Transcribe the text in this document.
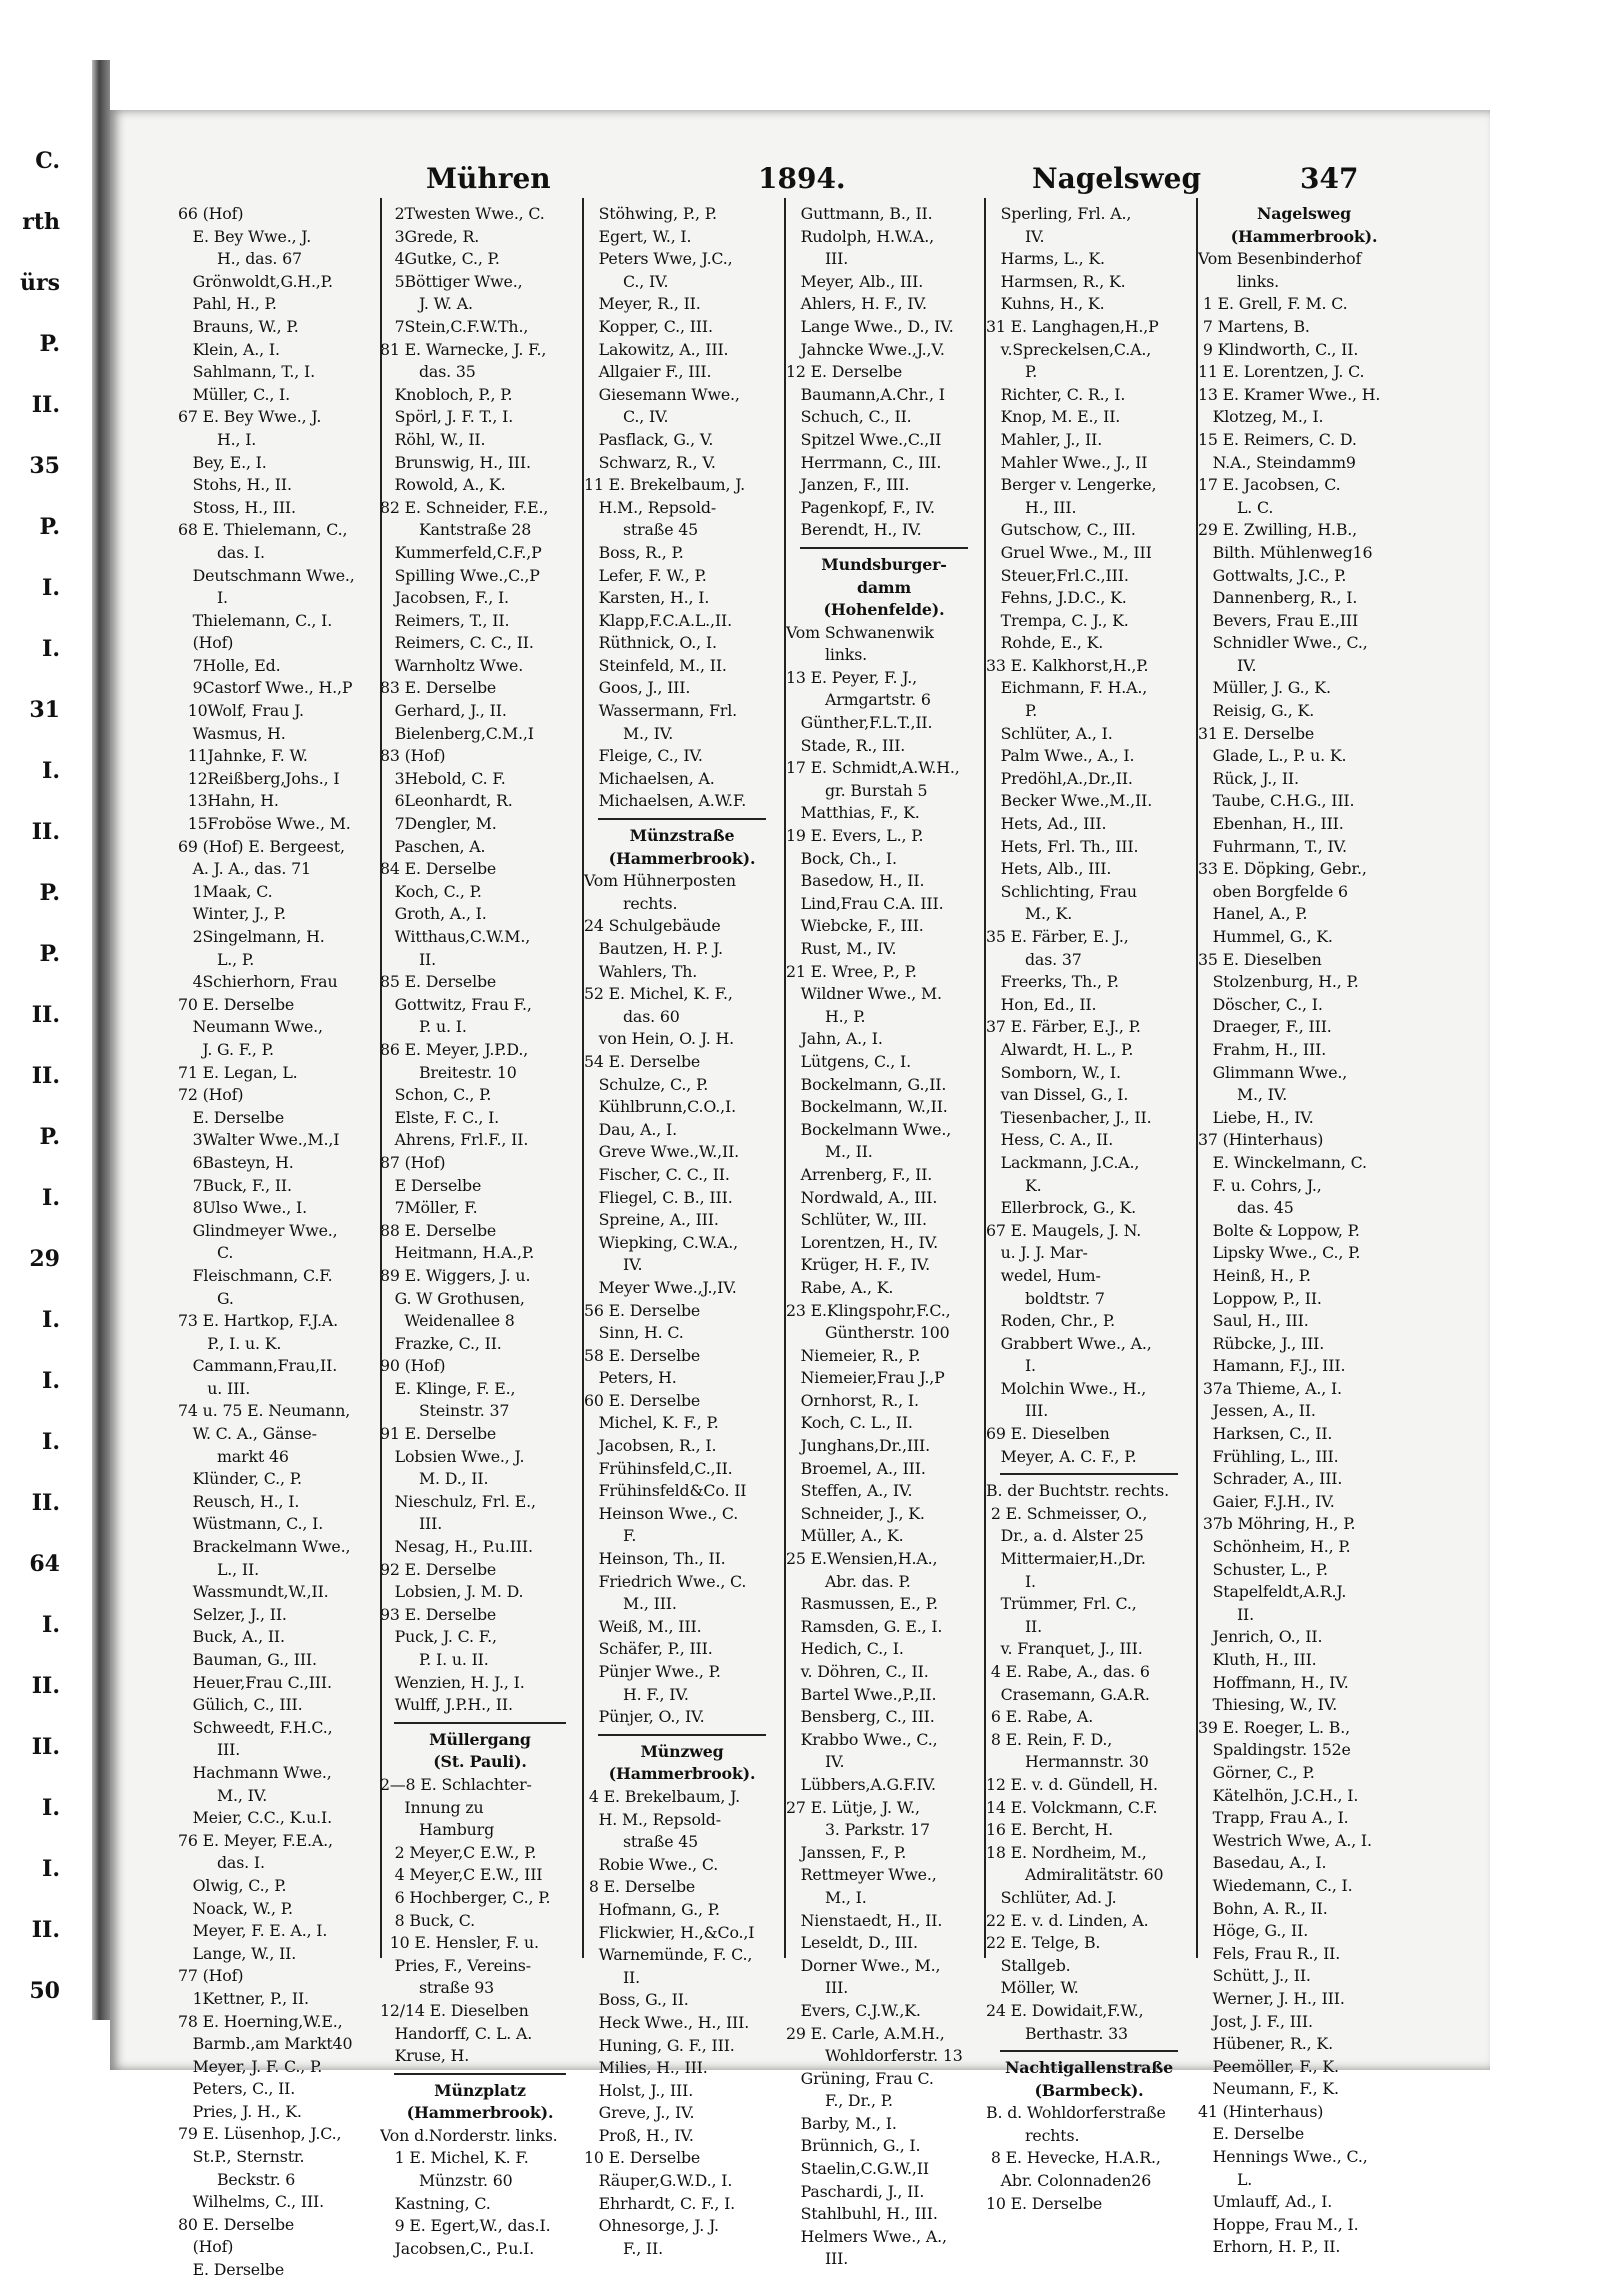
C.
rth
ürs
P.
II.
35
P.
I.
I.
31
I.
II.
P.
P.
II.
II.
P.
I.
29
I.
I.
I.
II.
64
I.
II.
II.
I.
I.
II.
50
Mühren	1894.	Nagelsweg	347
66 (Hof)
E. Bey Wwe., J.
H., das. 67
Grönwoldt,G.H.,P.
Pahl, H., P.
Brauns, W., P.
Klein, A., I.
Sahlmann, T., I.
Müller, C., I.
67 E. Bey Wwe., J.
H., I.
Bey, E., I.
Stohs, H., II.
Stoss, H., III.
68 E. Thielemann, C.,
das. I.
Deutschmann Wwe.,
I.
Thielemann, C., I.
(Hof)
7Holle, Ed.
9Castorf Wwe., H.,P
10Wolf, Frau J.
Wasmus, H.
11Jahnke, F. W.
12Reißberg,Johs., I
13Hahn, H.
15Froböse Wwe., M.
69 (Hof) E. Bergeest,
A. J. A., das. 71
1Maak, C.
Winter, J., P.
2Singelmann, H.
L., P.
4Schierhorn, Frau
70 E. Derselbe
Neumann Wwe.,
J. G. F., P.
71 E. Legan, L.
72 (Hof)
E. Derselbe
3Walter Wwe.,M.,I
6Basteyn, H.
7Buck, F., II.
8Ulso Wwe., I.
Glindmeyer Wwe.,
C.
Fleischmann, C.F.
G.
73 E. Hartkop, F.J.A.
P., I. u. K.
Cammann,Frau,II.
u. III.
74 u. 75 E. Neumann,
W. C. A., Gänse-
markt 46
Klünder, C., P.
Reusch, H., I.
Wüstmann, C., I.
Brackelmann Wwe.,
L., II.
Wassmundt,W.,II.
Selzer, J., II.
Buck, A., II.
Bauman, G., III.
Heuer,Frau C.,III.
Gülich, C., III.
Schweedt, F.H.C.,
III.
Hachmann Wwe.,
M., IV.
Meier, C.C., K.u.I.
76 E. Meyer, F.E.A.,
das. I.
Olwig, C., P.
Noack, W., P.
Meyer, F. E. A., I.
Lange, W., II.
77 (Hof)
1Kettner, P., II.
78 E. Hoerning,W.E.,
Barmb.,am Markt40
Meyer, J. F. C., P.
Peters, C., II.
Pries, J. H., K.
79 E. Lüsenhop, J.C.,
St.P., Sternstr.
Beckstr. 6
Wilhelms, C., III.
80 E. Derselbe
(Hof)
E. Derselbe
2Twesten Wwe., C.
3Grede, R.
4Gutke, C., P.
5Böttiger Wwe.,
J. W. A.
7Stein,C.F.W.Th.,
81 E. Warnecke, J. F.,
das. 35
Knobloch, P., P.
Spörl, J. F. T., I.
Röhl, W., II.
Brunswig, H., III.
Rowold, A., K.
82 E. Schneider, F.E.,
Kantstraße 28
Kummerfeld,C.F.,P
Spilling Wwe.,C.,P
Jacobsen, F., I.
Reimers, T., II.
Reimers, C. C., II.
Warnholtz Wwe.
83 E. Derselbe
Gerhard, J., II.
Bielenberg,C.M.,I
83 (Hof)
3Hebold, C. F.
6Leonhardt, R.
7Dengler, M.
Paschen, A.
84 E. Derselbe
Koch, C., P.
Groth, A., I.
Witthaus,C.W.M.,
II.
85 E. Derselbe
Gottwitz, Frau F.,
P. u. I.
86 E. Meyer, J.P.D.,
Breitestr. 10
Schon, C., P.
Elste, F. C., I.
Ahrens, Frl.F., II.
87 (Hof)
E Derselbe
7Möller, F.
88 E. Derselbe
Heitmann, H.A.,P.
89 E. Wiggers, J. u.
G. W Grothusen,
Weidenallee 8
Frazke, C., II.
90 (Hof)
E. Klinge, F. E.,
Steinstr. 37
91 E. Derselbe
Lobsien Wwe., J.
M. D., II.
Nieschulz, Frl. E.,
III.
Nesag, H., P.u.III.
92 E. Derselbe
Lobsien, J. M. D.
93 E. Derselbe
Puck, J. C. F.,
P. I. u. II.
Wenzien, H. J., I.
Wulff, J.P.H., II.
Müllergang
(St. Pauli).
2—8 E. Schlachter-
Innung zu
Hamburg
2 Meyer,C E.W., P.
4 Meyer,C E.W., III
6 Hochberger, C., P.
8 Buck, C.
10 E. Hensler, F. u.
Pries, F., Vereins-
straße 93
12/14 E. Dieselben
Handorff, C. L. A.
Kruse, H.
Münzplatz
(Hammerbrook).
Von d.Norderstr. links.
1 E. Michel, K. F.
Münzstr. 60
Kastning, C.
9 E. Egert,W., das.I.
Jacobsen,C., P.u.I.
Stöhwing, P., P.
Egert, W., I.
Peters Wwe, J.C.,
C., IV.
Meyer, R., II.
Kopper, C., III.
Lakowitz, A., III.
Allgaier F., III.
Giesemann Wwe.,
C., IV.
Pasflack, G., V.
Schwarz, R., V.
11 E. Brekelbaum, J.
H.M., Repsold-
straße 45
Boss, R., P.
Lefer, F. W., P.
Karsten, H., I.
Klapp,F.C.A.L.,II.
Rüthnick, O., I.
Steinfeld, M., II.
Goos, J., III.
Wassermann, Frl.
M., IV.
Fleige, C., IV.
Michaelsen, A.
Michaelsen, A.W.F.
Münzstraße
(Hammerbrook).
Vom Hühnerposten
rechts.
24 Schulgebäude
Bautzen, H. P. J.
Wahlers, Th.
52 E. Michel, K. F.,
das. 60
von Hein, O. J. H.
54 E. Derselbe
Schulze, C., P.
Kühlbrunn,C.O.,I.
Dau, A., I.
Greve Wwe.,W.,II.
Fischer, C. C., II.
Fliegel, C. B., III.
Spreine, A., III.
Wiepking, C.W.A.,
IV.
Meyer Wwe.,J.,IV.
56 E. Derselbe
Sinn, H. C.
58 E. Derselbe
Peters, H.
60 E. Derselbe
Michel, K. F., P.
Jacobsen, R., I.
Frühinsfeld,C.,II.
Frühinsfeld&Co. II
Heinson Wwe., C.
F.
Heinson, Th., II.
Friedrich Wwe., C.
M., III.
Weiß, M., III.
Schäfer, P., III.
Pünjer Wwe., P.
H. F., IV.
Pünjer, O., IV.
Münzweg
(Hammerbrook).
4 E. Brekelbaum, J.
H. M., Repsold-
straße 45
Robie Wwe., C.
8 E. Derselbe
Hofmann, G., P.
Flickwier, H.,&Co.,I
Warnemünde, F. C.,
II.
Boss, G., II.
Heck Wwe., H., III.
Huning, G. F., III.
Milies, H., III.
Holst, J., III.
Greve, J., IV.
Proß, H., IV.
10 E. Derselbe
Räuper,G.W.D., I.
Ehrhardt, C. F., I.
Ohnesorge, J. J.
F., II.
Guttmann, B., II.
Rudolph, H.W.A.,
III.
Meyer, Alb., III.
Ahlers, H. F., IV.
Lange Wwe., D., IV.
Jahncke Wwe.,J.,V.
12 E. Derselbe
Baumann,A.Chr., I
Schuch, C., II.
Spitzel Wwe.,C.,II
Herrmann, C., III.
Janzen, F., III.
Pagenkopf, F., IV.
Berendt, H., IV.
Mundsburger-
damm
(Hohenfelde).
Vom Schwanenwik
links.
13 E. Peyer, F. J.,
Armgartstr. 6
Günther,F.L.T.,II.
Stade, R., III.
17 E. Schmidt,A.W.H.,
gr. Burstah 5
Matthias, F., K.
19 E. Evers, L., P.
Bock, Ch., I.
Basedow, H., II.
Lind,Frau C.A. III.
Wiebcke, F., III.
Rust, M., IV.
21 E. Wree, P., P.
Wildner Wwe., M.
H., P.
Jahn, A., I.
Lütgens, C., I.
Bockelmann, G.,II.
Bockelmann, W.,II.
Bockelmann Wwe.,
M., II.
Arrenberg, F., II.
Nordwald, A., III.
Schlüter, W., III.
Lorentzen, H., IV.
Krüger, H. F., IV.
Rabe, A., K.
23 E.Klingspohr,F.C.,
Güntherstr. 100
Niemeier, R., P.
Niemeier,Frau J.,P
Ornhorst, R., I.
Koch, C. L., II.
Junghans,Dr.,III.
Broemel, A., III.
Steffen, A., IV.
Schneider, J., K.
Müller, A., K.
25 E.Wensien,H.A.,
Abr. das. P.
Rasmussen, E., P.
Ramsden, G. E., I.
Hedich, C., I.
v. Döhren, C., II.
Bartel Wwe.,P.,II.
Bensberg, C., III.
Krabbo Wwe., C.,
IV.
Lübbers,A.G.F.IV.
27 E. Lütje, J. W.,
3. Parkstr. 17
Janssen, F., P.
Rettmeyer Wwe.,
M., I.
Nienstaedt, H., II.
Leseldt, D., III.
Dorner Wwe., M.,
III.
Evers, C.J.W.,K.
29 E. Carle, A.M.H.,
Wohldorferstr. 13
Grüning, Frau C.
F., Dr., P.
Barby, M., I.
Brünnich, G., I.
Staelin,C.G.W.,II
Paschardi, J., II.
Stahlbuhl, H., III.
Helmers Wwe., A.,
III.
Sperling, Frl. A.,
IV.
Harms, L., K.
Harmsen, R., K.
Kuhns, H., K.
31 E. Langhagen,H.,P
v.Spreckelsen,C.A.,
P.
Richter, C. R., I.
Knop, M. E., II.
Mahler, J., II.
Mahler Wwe., J., II
Berger v. Lengerke,
H., III.
Gutschow, C., III.
Gruel Wwe., M., III
Steuer,Frl.C.,III.
Fehns, J.D.C., K.
Trempa, C. J., K.
Rohde, E., K.
33 E. Kalkhorst,H.,P.
Eichmann, F. H.A.,
P.
Schlüter, A., I.
Palm Wwe., A., I.
Predöhl,A.,Dr.,II.
Becker Wwe.,M.,II.
Hets, Ad., III.
Hets, Frl. Th., III.
Hets, Alb., III.
Schlichting, Frau
M., K.
35 E. Färber, E. J.,
das. 37
Freerks, Th., P.
Hon, Ed., II.
37 E. Färber, E.J., P.
Alwardt, H. L., P.
Somborn, W., I.
van Dissel, G., I.
Tiesenbacher, J., II.
Hess, C. A., II.
Lackmann, J.C.A.,
K.
Ellerbrock, G., K.
67 E. Maugels, J. N.
u. J. J. Mar-
wedel, Hum-
boldtstr. 7
Roden, Chr., P.
Grabbert Wwe., A.,
I.
Molchin Wwe., H.,
III.
69 E. Dieselben
Meyer, A. C. F., P.
B. der Buchtstr. rechts.
2 E. Schmeisser, O.,
Dr., a. d. Alster 25
Mittermaier,H.,Dr.
I.
Trümmer, Frl. C.,
II.
v. Franquet, J., III.
4 E. Rabe, A., das. 6
Crasemann, G.A.R.
6 E. Rabe, A.
8 E. Rein, F. D.,
Hermannstr. 30
12 E. v. d. Gündell, H.
14 E. Volckmann, C.F.
16 E. Bercht, H.
18 E. Nordheim, M.,
Admiralitätstr. 60
Schlüter, Ad. J.
22 E. v. d. Linden, A.
22 E. Telge, B.
Stallgeb.
Möller, W.
24 E. Dowidait,F.W.,
Berthastr. 33
Nachtigallenstraße
(Barmbeck).
B. d. Wohldorferstraße
rechts.
8 E. Hevecke, H.A.R.,
Abr. Colonnaden26
10 E. Derselbe
Nagelsweg
(Hammerbrook).
Vom Besenbinderhof
links.
1 E. Grell, F. M. C.
7 Martens, B.
9 Klindworth, C., II.
11 E. Lorentzen, J. C.
13 E. Kramer Wwe., H.
Klotzeg, M., I.
15 E. Reimers, C. D.
N.A., Steindamm9
17 E. Jacobsen, C.
L. C.
29 E. Zwilling, H.B.,
Bilth. Mühlenweg16
Gottwalts, J.C., P.
Dannenberg, R., I.
Bevers, Frau E.,III
Schnidler Wwe., C.,
IV.
Müller, J. G., K.
Reisig, G., K.
31 E. Derselbe
Glade, L., P. u. K.
Rück, J., II.
Taube, C.H.G., III.
Ebenhan, H., III.
Fuhrmann, T., IV.
33 E. Döpking, Gebr.,
oben Borgfelde 6
Hanel, A., P.
Hummel, G., K.
35 E. Dieselben
Stolzenburg, H., P.
Döscher, C., I.
Draeger, F., III.
Frahm, H., III.
Glimmann Wwe.,
M., IV.
Liebe, H., IV.
37 (Hinterhaus)
E. Winckelmann, C.
F. u. Cohrs, J.,
das. 45
Bolte & Loppow, P.
Lipsky Wwe., C., P.
Heinß, H., P.
Loppow, P., II.
Saul, H., III.
Rübcke, J., III.
Hamann, F.J., III.
37a Thieme, A., I.
Jessen, A., II.
Harksen, C., II.
Frühling, L., III.
Schrader, A., III.
Gaier, F.J.H., IV.
37b Möhring, H., P.
Schönheim, H., P.
Schuster, L., P.
Stapelfeldt,A.R.J.
II.
Jenrich, O., II.
Kluth, H., III.
Hoffmann, H., IV.
Thiesing, W., IV.
39 E. Roeger, L. B.,
Spaldingstr. 152e
Görner, C., P.
Kätelhön, J.C.H., I.
Trapp, Frau A., I.
Westrich Wwe, A., I.
Basedau, A., I.
Wiedemann, C., I.
Bohn, A. R., II.
Höge, G., II.
Fels, Frau R., II.
Schütt, J., II.
Werner, J. H., III.
Jost, J. F., III.
Hübener, R., K.
Peemöller, F., K.
Neumann, F., K.
41 (Hinterhaus)
E. Derselbe
Hennings Wwe., C.,
L.
Umlauff, Ad., I.
Hoppe, Frau M., I.
Erhorn, H. P., II.
